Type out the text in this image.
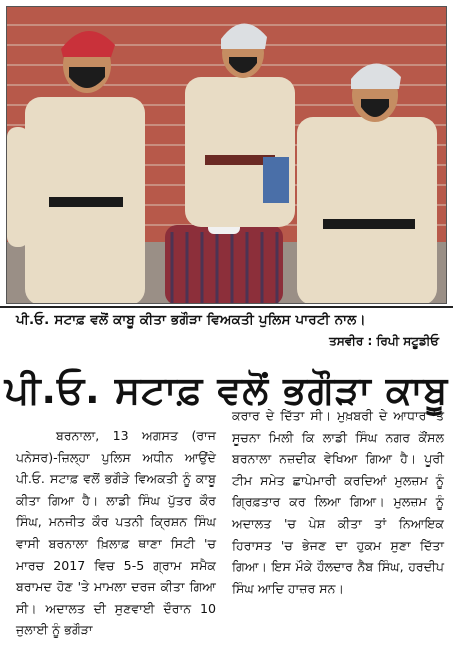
ਪੀ.ਓ. ਸਟਾਫ਼ ਵਲੋਂ ਕਾਬੂ ਕੀਤਾ ਭਗੌੜਾ ਵਿਅਕਤੀ ਪੁਲਿਸ ਪਾਰਟੀ ਨਾਲ।
ਤਸਵੀਰ : ਰਿਪੀ ਸਟੂਡੀਓ
ਪੀ.ਓ. ਸਟਾਫ਼ ਵਲੋਂ ਭਗੌੜਾ ਕਾਬੂ

ਬਰਨਾਲਾ, 13 ਅਗਸਤ (ਰਾਜ ਪਨੇਸਰ)-ਜ਼ਿਲ੍ਹਾ ਪੁਲਿਸ ਅਧੀਨ ਆਉਂਦੇ ਪੀ.ਓ. ਸਟਾਫ਼ ਵਲੋਂ ਭਗੌੜੇ ਵਿਅਕਤੀ ਨੂੰ ਕਾਬੂ ਕੀਤਾ ਗਿਆ ਹੈ। ਲਾਡੀ ਸਿੰਘ ਪੁੱਤਰ ਕੌਰ ਸਿੰਘ, ਮਨਜੀਤ ਕੌਰ ਪਤਨੀ ਕ੍ਰਿਸ਼ਨ ਸਿੰਘ ਵਾਸੀ ਬਰਨਾਲਾ ਖ਼ਿਲਾਫ਼ ਥਾਣਾ ਸਿਟੀ 'ਚ ਮਾਰਚ 2017 ਵਿਚ 5-5 ਗ੍ਰਾਮ ਸਮੈਕ ਬਰਾਮਦ ਹੋਣ 'ਤੇ ਮਾਮਲਾ ਦਰਜ ਕੀਤਾ ਗਿਆ ਸੀ। ਅਦਾਲਤ ਦੀ ਸੁਣਵਾਈ ਦੌਰਾਨ 10 ਜੁਲਾਈ ਨੂੰ ਭਗੌੜਾ

ਕਰਾਰ ਦੇ ਦਿੱਤਾ ਸੀ। ਮੁਖ਼ਬਰੀ ਦੇ ਆਧਾਰ 'ਤੇ ਸੂਚਨਾ ਮਿਲੀ ਕਿ ਲਾਡੀ ਸਿੰਘ ਨਗਰ ਕੌਂਸਲ ਬਰਨਾਲਾ ਨਜ਼ਦੀਕ ਵੇਖਿਆ ਗਿਆ ਹੈ। ਪੂਰੀ ਟੀਮ ਸਮੇਤ ਛਾਪੇਮਾਰੀ ਕਰਦਿਆਂ ਮੁਲਜ਼ਮ ਨੂੰ ਗ੍ਰਿਫ਼ਤਾਰ ਕਰ ਲਿਆ ਗਿਆ। ਮੁਲਜ਼ਮ ਨੂੰ ਅਦਾਲਤ 'ਚ ਪੇਸ਼ ਕੀਤਾ ਤਾਂ ਨਿਆਇਕ ਹਿਰਾਸਤ 'ਚ ਭੇਜਣ ਦਾ ਹੁਕਮ ਸੁਣਾ ਦਿੱਤਾ ਗਿਆ। ਇਸ ਮੌਕੇ ਹੌਲਦਾਰ ਨੈਬ ਸਿੰਘ, ਹਰਦੀਪ ਸਿੰਘ ਆਦਿ ਹਾਜ਼ਰ ਸਨ।
